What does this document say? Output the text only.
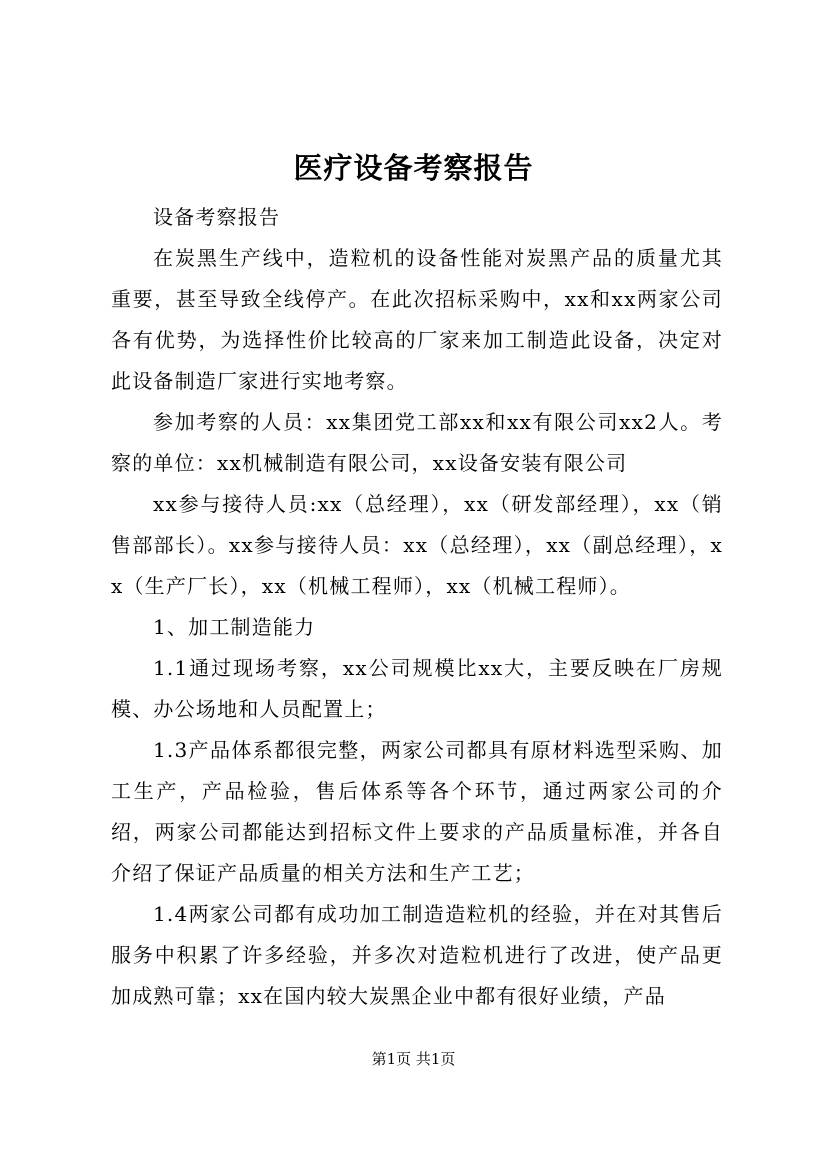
医疗设备考察报告

设备考察报告

在炭黑生产线中，造粒机的设备性能对炭黑产品的质量尤其重要，甚至导致全线停产。在此次招标采购中，xx和xx两家公司各有优势，为选择性价比较高的厂家来加工制造此设备，决定对此设备制造厂家进行实地考察。

参加考察的人员：xx集团党工部xx和xx有限公司xx2人。考察的单位：xx机械制造有限公司，xx设备安装有限公司

xx参与接待人员:xx（总经理），xx（研发部经理），xx（销售部部长）。xx参与接待人员：xx（总经理），xx（副总经理），xx（生产厂长），xx（机械工程师），xx（机械工程师）。

1、加工制造能力

1.1通过现场考察，xx公司规模比xx大，主要反映在厂房规模、办公场地和人员配置上；

1.3产品体系都很完整，两家公司都具有原材料选型采购、加工生产，产品检验，售后体系等各个环节，通过两家公司的介绍，两家公司都能达到招标文件上要求的产品质量标准，并各自介绍了保证产品质量的相关方法和生产工艺；

1.4两家公司都有成功加工制造造粒机的经验，并在对其售后服务中积累了许多经验，并多次对造粒机进行了改进，使产品更加成熟可靠；xx在国内较大炭黑企业中都有很好业绩，产品

第1页 共1页
